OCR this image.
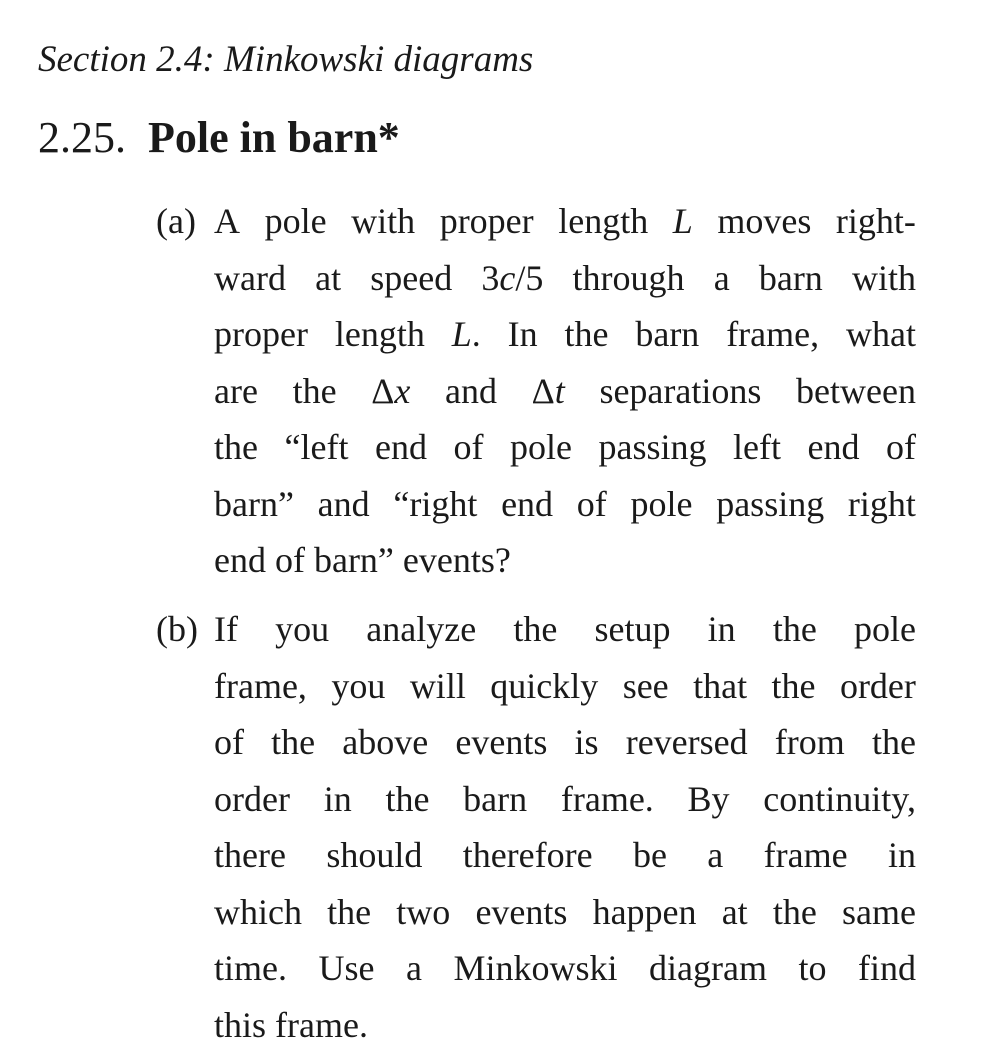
Section 2.4: Minkowski diagrams
2.25. Pole in barn*
(a) A pole with proper length L moves right-
ward at speed 3c/5 through a barn with
proper length L. In the barn frame, what
are the Δx and Δt separations between
the “left end of pole passing left end of
barn” and “right end of pole passing right
end of barn” events?
(b) If you analyze the setup in the pole
frame, you will quickly see that the order
of the above events is reversed from the
order in the barn frame. By continuity,
there should therefore be a frame in
which the two events happen at the same
time. Use a Minkowski diagram to find
this frame.
